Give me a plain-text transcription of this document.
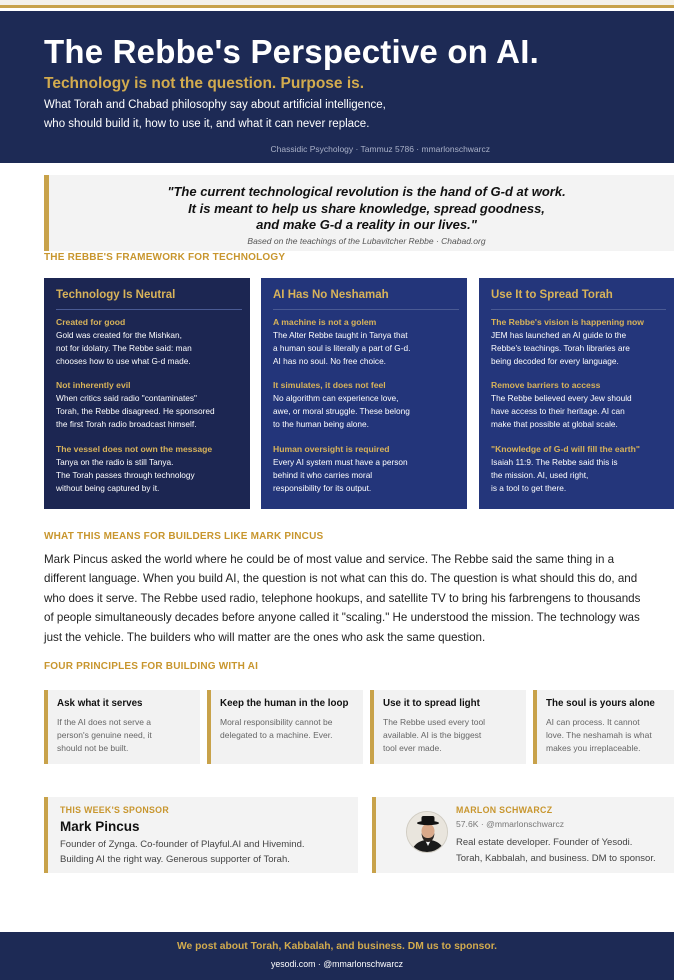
The Rebbe's Perspective on AI.
Technology is not the question. Purpose is.
What Torah and Chabad philosophy say about artificial intelligence,
who should build it, how to use it, and what it can never replace.
Chassidic Psychology · Tammuz 5786 · mmarlonschwarcz
"The current technological revolution is the hand of G-d at work.
It is meant to help us share knowledge, spread goodness,
and make G-d a reality in our lives."
Based on the teachings of the Lubavitcher Rebbe · Chabad.org
THE REBBE'S FRAMEWORK FOR TECHNOLOGY
Technology Is Neutral
Created for good
Gold was created for the Mishkan,
not for idolatry. The Rebbe said: man
chooses how to use what G-d made.
Not inherently evil
When critics said radio "contaminates"
Torah, the Rebbe disagreed. He sponsored
the first Torah radio broadcast himself.
The vessel does not own the message
Tanya on the radio is still Tanya.
The Torah passes through technology
without being captured by it.
AI Has No Neshamah
A machine is not a golem
The Alter Rebbe taught in Tanya that
a human soul is literally a part of G-d.
AI has no soul. No free choice.
It simulates, it does not feel
No algorithm can experience love,
awe, or moral struggle. These belong
to the human being alone.
Human oversight is required
Every AI system must have a person
behind it who carries moral
responsibility for its output.
Use It to Spread Torah
The Rebbe's vision is happening now
JEM has launched an AI guide to the
Rebbe's teachings. Torah libraries are
being decoded for every language.
Remove barriers to access
The Rebbe believed every Jew should
have access to their heritage. AI can
make that possible at global scale.
"Knowledge of G-d will fill the earth"
Isaiah 11:9. The Rebbe said this is
the mission. AI, used right,
is a tool to get there.
WHAT THIS MEANS FOR BUILDERS LIKE MARK PINCUS
Mark Pincus asked the world where he could be of most value and service. The Rebbe said the same thing in a
different language. When you build AI, the question is not what can this do. The question is what should this do, and
who does it serve. The Rebbe used radio, telephone hookups, and satellite TV to bring his farbrengens to thousands
of people simultaneously decades before anyone called it "scaling." He understood the mission. The technology was
just the vehicle. The builders who will matter are the ones who ask the same question.
FOUR PRINCIPLES FOR BUILDING WITH AI
Ask what it serves
If the AI does not serve a
person's genuine need, it
should not be built.
Keep the human in the loop
Moral responsibility cannot be
delegated to a machine. Ever.
Use it to spread light
The Rebbe used every tool
available. AI is the biggest
tool ever made.
The soul is yours alone
AI can process. It cannot
love. The neshamah is what
makes you irreplaceable.
THIS WEEK'S SPONSOR
Mark Pincus
Founder of Zynga. Co-founder of Playful.AI and Hivemind.
Building AI the right way. Generous supporter of Torah.
MARLON SCHWARCZ
57.6K · @mmarlonschwarcz
Real estate developer. Founder of Yesodi.
Torah, Kabbalah, and business. DM to sponsor.
We post about Torah, Kabbalah, and business. DM us to sponsor.
yesodi.com · @mmarlonschwarcz
